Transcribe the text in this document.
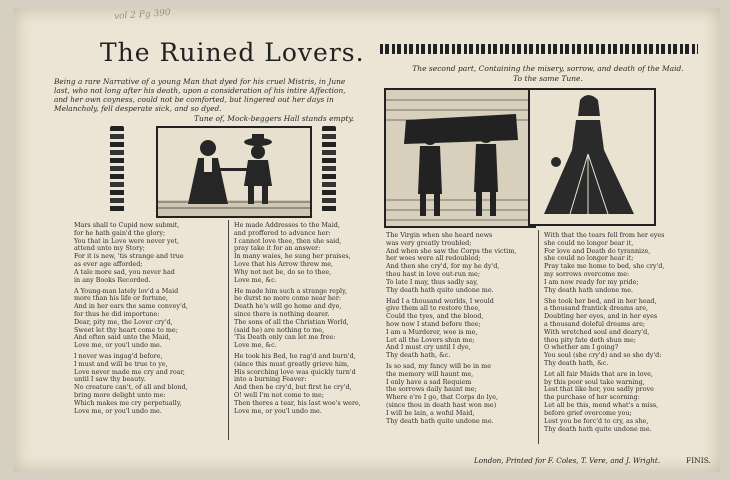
vol 2 Pg 390
The Ruined Lovers.
Being a rare Narrative of a young Man that dyed for his cruel Mistris, in June last, who not long after his death, upon a consideration of his intire Affection, and her own coyness, could not be comforted, but lingered out her days in Melancholy, fell desperate sick, and so dyed.
Tune of, Mock-beggers Hall stands empty.
The second part, Containing the misery, sorrow, and death of the Maid.
To the same Tune.

Mars shall to Cupid now submit,
for he hath gain'd the glory;
You that in Love were never yet,
attend unto my Story;
For it is new, 'tis strange and true
as ever age afforded;
A tale more sad, you never had
in any Books Recorded.

A Young-man lately lov'd a Maid
more than his life or fortune,
And in her ears the same convey'd,
for thus he did importune:
Dear, pity me, the Lover cry'd,
Sweet let thy heart come to me;
And often said unto the Maid,
Love me, or you'l undo me.

I never was ingag'd before,
I must and will be true to ye,
Love never made me cry and roar,
until I saw thy beauty.
No creature can't, of all and blond,
bring more delight unto me:
Which makes me cry perpetually,
Love me, or you'l undo me.

He made Addresses to the Maid,
and proffered to advance her:
I cannot love thee, then she said,
pray take it for an answer:
In many waies, he sung her praises,
Love that his Arrow threw me,
Why not not be, do so to thee,
Love me, &c.

He made him such a strange reply,
he durst no more come near her:
Death he's will go home and dye,
since there is nothing dearer.
The sons of all the Christian World,
(said he) are nothing to me,
'Tis Death only can let me free:
Love me, &c.

He took his Bed, he rag'd and burn'd,
(since this must greatly grieve him,
His scorching love was quickly turn'd
into a burning Feaver:
And then he cry'd, but first he cry'd,
O! well I'm not come to me;
Then theres a tear, his last woe's were,
Love me, or you'l undo me.

The Virgin when she heard news
was very greatly troubled;
And when she saw the Corps the victim,
her woes were all redoubled;
And then she cry'd, for my he dy'd,
thou hast in love out-run me;
To late I may, thus sadly say,
Thy death hath quite undone me.

Had I a thousand worlds, I would
give them all to restore thee,
Could the tyes, and the blood,
how now I stand before thee;
I am a Murderer, woe is me,
Let all the Lovers shun me;
And I must cry until I dye,
Thy death hath, &c.

Is so sad, my fancy will be in me
the memory will haunt me,
I only have a sad Requiem
the sorrows daily haunt me;
Where e're I go, that Corps do lye,
(since thou in death hast won me)
I will be lain, a woful Maid,
Thy death hath quite undone me.

With that the tears fell from her eyes
she could no longer bear it,
For love and Death do tyrannize,
she could no longer hear it;
Pray take me home to bed, she cry'd,
my sorrows overcome me:
I am now ready for my pride;
Thy death hath undone me.

She took her bed, and in her head,
a thousand frantick dreams are,
Doubting her eyes, and in her eyes
a thousand doleful dreams are;
With wretched soul and deary'd,
thou pity fate doth shun me;
O whether am I going?
You soul (she cry'd) and so she dy'd:
Thy death hath, &c.

Let all fair Maids that are in love,
by this poor soul take warning,
Lest that like her, you sadly prove
the purchase of her scorning:
Let all be this, mend what's a miss,
before grief overcome you;
Lest you be forc'd to cry, as she,
Thy death hath quite undone me.

London, Printed for F. Coles, T. Vere, and J. Wright.	FINIS.
